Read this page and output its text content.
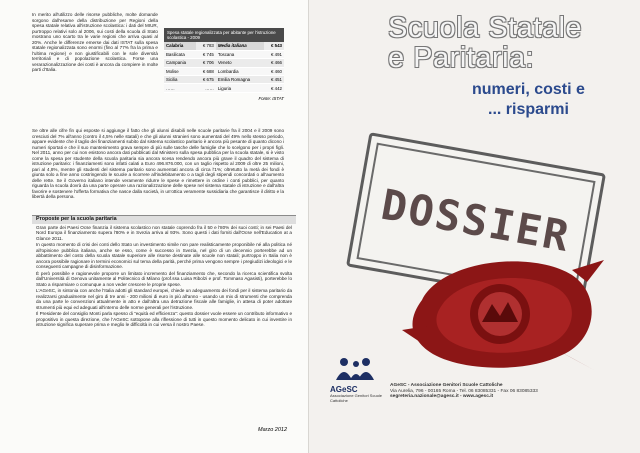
In merito all'utilizzo delle risorse pubbliche, molte domande sorgono dall'esame della distribuzione per Regioni della spesa statale relativa all'istruzione scolastica: i dati del MIUR, purtroppo relativi solo al 2006, sui costi della scuola di Stato mostrano uno scarto tra le varie regioni che arriva quasi al 20%. Anche le differenze emerse dai dati ISTAT sulla spesa statale regionalizzata sono enormi (fino al 77% fra la prima e l'ultima regione) e non giustificabili con le sole diversità territoriali e di popolazione scolastica. Forse una verarazionalizzazione dei costi è ancora da compiere in molte parti d'Italia.

Spesa statale regionalizzata per abitante per l'istruzione scolastica - 2009
Calabria	€ 783	Media italiana	€ 543
Basilicata	€ 745	Toscana	€ 491
Campania	€ 706	Veneto	€ 466
Molise	€ 688	Lombardia	€ 460
Sicilia	€ 675	Emilia Romagna	€ 451
……	……	Liguria	€ 442
Fonte: ISTAT

Se oltre alle cifre fin qui esposte si aggiunge il fatto che gli alunni disabili nelle scuole paritarie fra il 2004 e il 2009 sono cresciuti del 7% all'anno (contro il 4,5% nelle statali) e che gli alunni stranieri sono aumentati del 49% nello stesso periodo, appare evidente che il taglio dei finanziamenti subito dal sistema scolastico paritario è ancora più pesante di quanto dicono i numeri riportati e che il suo mantenimento grava sempre di più sulle tasche delle famiglie che lo scelgono per i propri figli. Nel 2011, anno per cui non esistono ancora dati pubblicati dal Ministero sulla spesa pubblica per la scuola statale, si è visto come la spesa per studente della scuola paritaria sia ancora scesa rendendo ancora più grave il quadro del sistema di istruzione paritario: i finanziamenti sono infatti calati a Euro 496.876.000, con un taglio rispetto al 2009 di oltre 25 milioni, pari al 4,8%, mentre gli studenti del sistema paritario sono aumentati ancora di circa l'1%; oltretutto la metà dei fondi è giunta solo a fine anno costringendo le scuole a ricorrere all'indebitamento o a tagli degli stipendi concordati o all'aumento delle rette. Se il Governo italiano intende veramente ridurre le spese e rimettere in ordine i conti pubblici, per quanto riguarda la scuola dovrà da una parte operare una razionalizzazione delle spese nel sistema statale di istruzione e dall'altra favorire e sostenere l'offerta formativa che nasce dalla società, in un'ottica veramente sussidiaria che garantisce il diritto e la libertà della persona.

Proposte per la scuola paritaria

Gran parte dei Paesi Ocse finanzia il sistema scolastico non statale coprendo fra il 50 e l'80% dei suoi costi; in sei Paesi del Nord Europa il finanziamento supera l'80% e in Svezia arriva al 93%. Sono questi i dati forniti dall'Ocse nell'Education at a Glance 2011.

In questo momento di crisi dei conti dello Stato un investimento simile non pare realisticamente proponibile né alla politica né all'opinione pubblica italiana, anche se esso, come è successo in Svezia, nel giro di un decennio porterebbe ad un abbattimento del costo della scuola statale superiore alle risorse destinate alle scuole non statali; purtroppo in Italia non è ancora possibile ragionare in termini economici sul tema della parità, perché prima vengono sempre i pregiudizi ideologici e le conseguenti campagne di disinformazione.

È però possibile e ragionevole proporre un limitato incremento del finanziamento che, secondo la ricerca scientifica svolta dall'Università di Genova unitamente al Politecnico di Milano (prof.ssa Luisa Ribolzi e prof. Tommaso Agasisti), porterebbe lo Stato a risparmiare o comunque a non veder crescere le proprie spese.

L'AGeSC, in sintonia con anche l'Italia adotti gli standard europei, chiede un adeguamento dei fondi per il sistema paritario da realizzarsi gradualmente nel giro di tre anni - 200 milioni di euro in più all'anno - usando un mix di strumenti che comprenda da una parte le convenzioni attualmente in atto e dall'altra una detrazione fiscale alle famiglie, in attesa di poter adottare strumenti più equi ed adeguati all'interno delle norme generali per l'istruzione.

Il Presidente del consiglio Monti parla spesso di "equità ed efficienza": questo dossier vuole essere un contributo informativo e propositivo in questa direzione, che l'AGeSC sottopone alla riflessione di tutti in questo momento delicato in cui investire in istruzione significa superare prima e meglio le difficoltà in cui versa il nostro Paese.

Marzo 2012
Scuola Statale
e Paritaria:
numeri, costi e
... risparmi
DOSSIER
AGeSC
Associazione Genitori Scuole Cattoliche
AGeSC - Associazione Genitori Scuole Cattoliche
Via Aurelia, 796 - 00165 Roma - Tel. 06 83085331 - Fax 06 83085333
segreteria.nazionale@agesc.it - www.agesc.it
